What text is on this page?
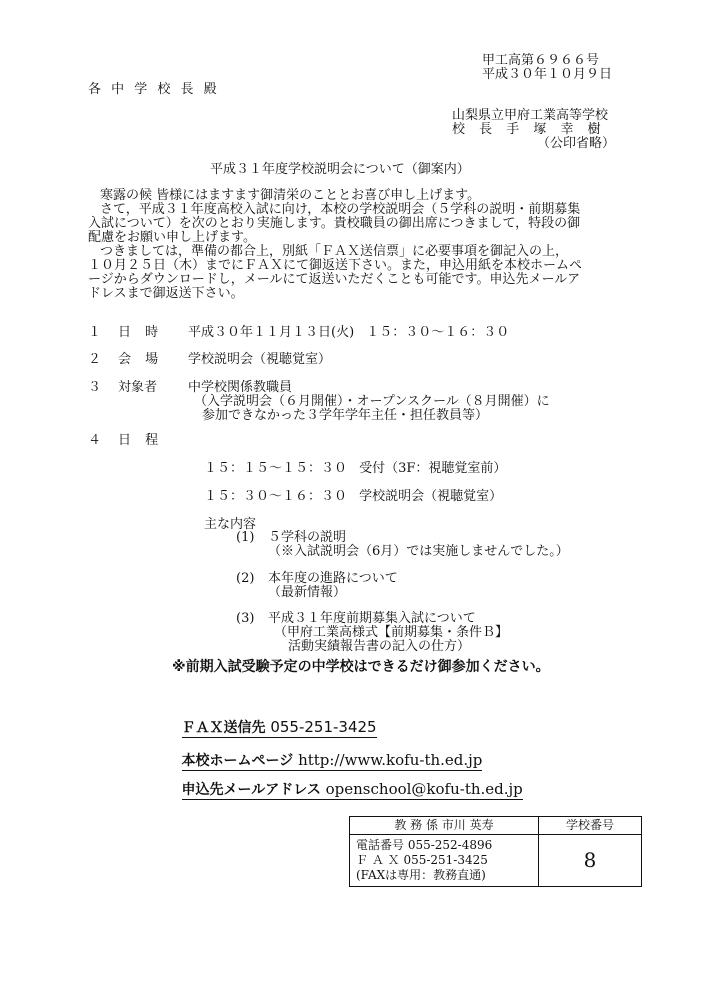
甲工高第６９６６号
平成３０年１０月９日
各 中 学 校 長 殿
山梨県立甲府工業高等学校
校 長 手 塚 幸 樹
（公印省略）
平成３１年度学校説明会について（御案内）
寒露の候 皆様にはますます御清栄のこととお喜び申し上げます。
さて，平成３１年度高校入試に向け，本校の学校説明会（５学科の説明・前期募集
入試について）を次のとおり実施します。貴校職員の御出席につきまして，特段の御
配慮をお願い申し上げます。
つきましては，準備の都合上，別紙「ＦＡＸ送信票」に必要事項を御記入の上，
１０月２５日（木）までにＦＡＸにて御返送下さい。また，申込用紙を本校ホームペ
ージからダウンロードし，メールにて返送いただくことも可能です。申込先メールア
ドレスまで御返送下さい。
１ 日 時 平成３０年１１月１３日(火) １５：３０～１６：３０
２ 会 場 学校説明会（視聴覚室）
３ 対象者 中学校関係教職員
（入学説明会（６月開催）・オープンスクール（８月開催）に
参加できなかった３学年学年主任・担任教員等）
４ 日 程
１５：１５～１５：３０ 受付（3F：視聴覚室前）
１５：３０～１６：３０ 学校説明会（視聴覚室）
主な内容
(1) ５学科の説明
（※入試説明会（6月）では実施しませんでした。）
(2) 本年度の進路について
（最新情報）
(3) 平成３１年度前期募集入試について
（甲府工業高様式【前期募集・条件Ｂ】
活動実績報告書の記入の仕方）
※前期入試受験予定の中学校はできるだけ御参加ください。

ＦＡＸ送信先 055-251-3425

本校ホームページ http://www.kofu-th.ed.jp

申込先メールアドレス openschool@kofu-th.ed.jp

教 務 係 市川 英寿	学校番号

電話番号 055-252-4896
Ｆ Ａ Ｘ 055-251-3425
(FAXは専用：教務直通)	8
